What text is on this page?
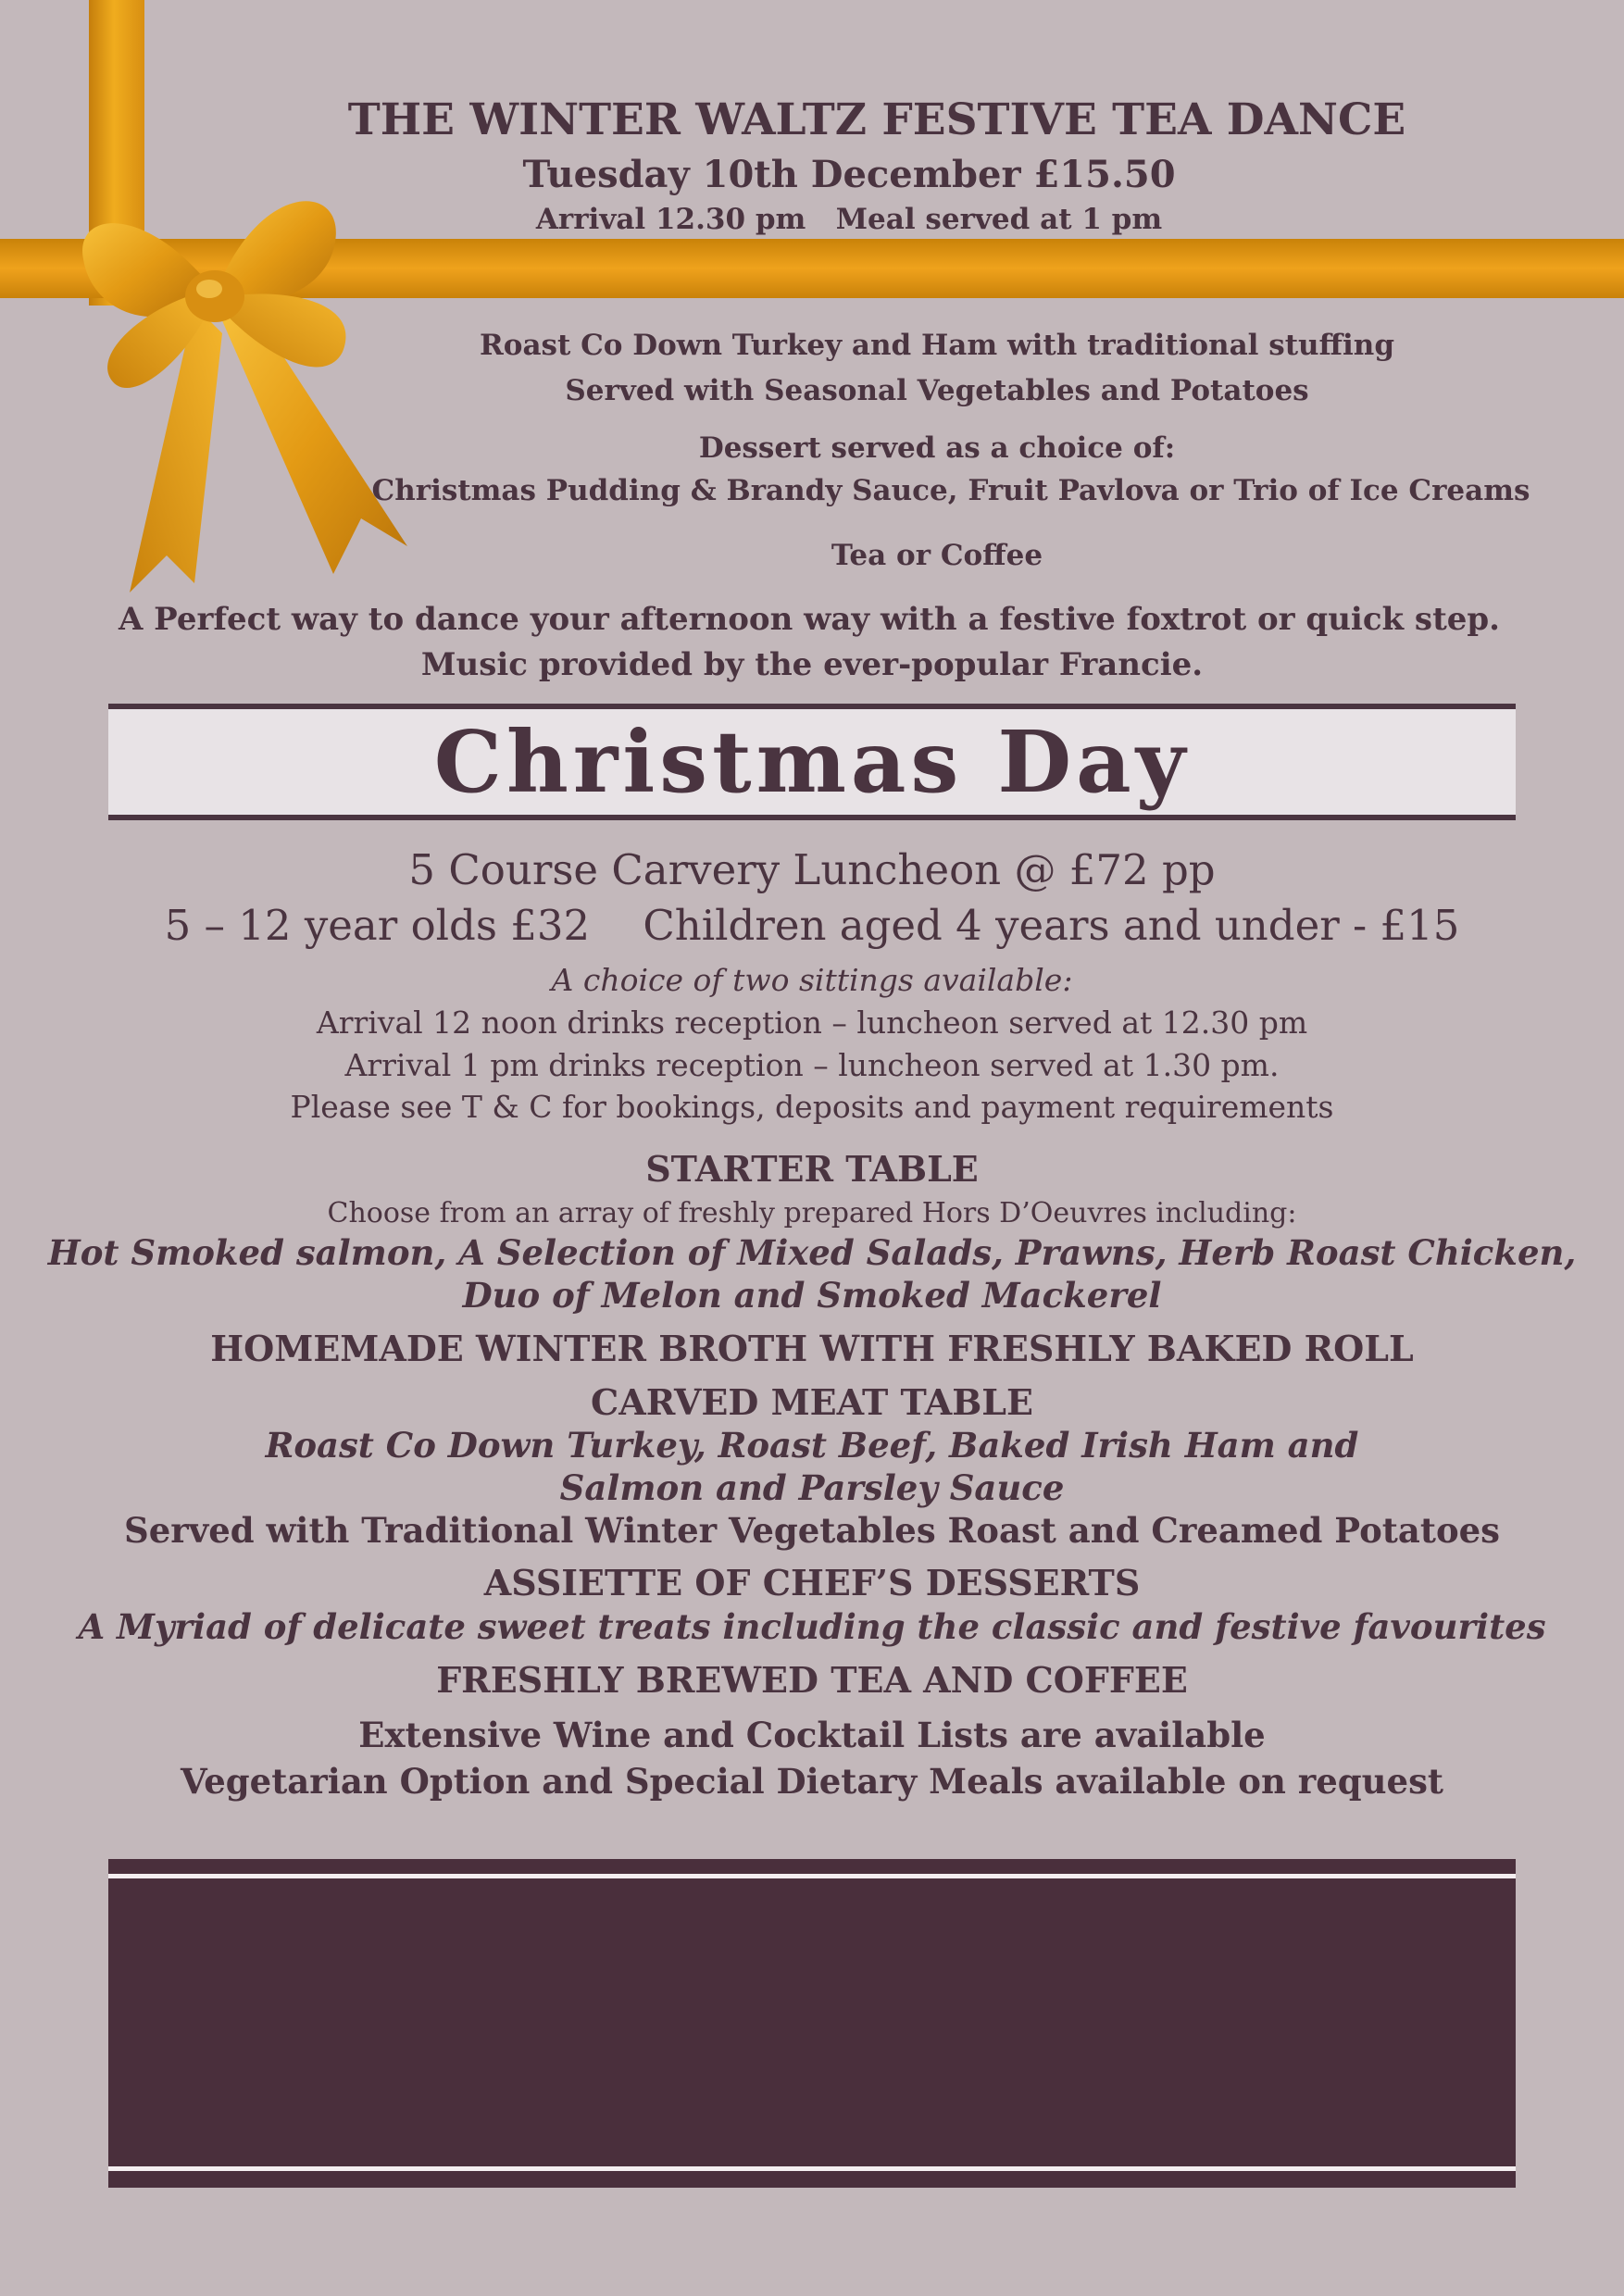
THE WINTER WALTZ FESTIVE TEA DANCE

Tuesday 10th December £15.50

Arrival 12.30 pm   Meal served at 1 pm

Roast Co Down Turkey and Ham with traditional stuffing

Served with Seasonal Vegetables and Potatoes

Dessert served as a choice of:

Christmas Pudding & Brandy Sauce, Fruit Pavlova or Trio of Ice Creams

Tea or Coffee

A Perfect way to dance your afternoon way with a festive foxtrot or quick step.

Music provided by the ever-popular Francie.

Christmas Day

5 Course Carvery Luncheon @ £72 pp

5 – 12 year olds £32    Children aged 4 years and under - £15

A choice of two sittings available:

Arrival 12 noon drinks reception – luncheon served at 12.30 pm

Arrival 1 pm drinks reception – luncheon served at 1.30 pm.

Please see T & C for bookings, deposits and payment requirements

STARTER TABLE

Choose from an array of freshly prepared Hors D’Oeuvres including:

Hot Smoked salmon, A Selection of Mixed Salads, Prawns, Herb Roast Chicken,

Duo of Melon and Smoked Mackerel

HOMEMADE WINTER BROTH WITH FRESHLY BAKED ROLL

CARVED MEAT TABLE

Roast Co Down Turkey, Roast Beef, Baked Irish Ham and

Salmon and Parsley Sauce

Served with Traditional Winter Vegetables Roast and Creamed Potatoes

ASSIETTE OF CHEF’S DESSERTS

A Myriad of delicate sweet treats including the classic and festive favourites

FRESHLY BREWED TEA AND COFFEE

Extensive Wine and Cocktail Lists are available

Vegetarian Option and Special Dietary Meals available on request
